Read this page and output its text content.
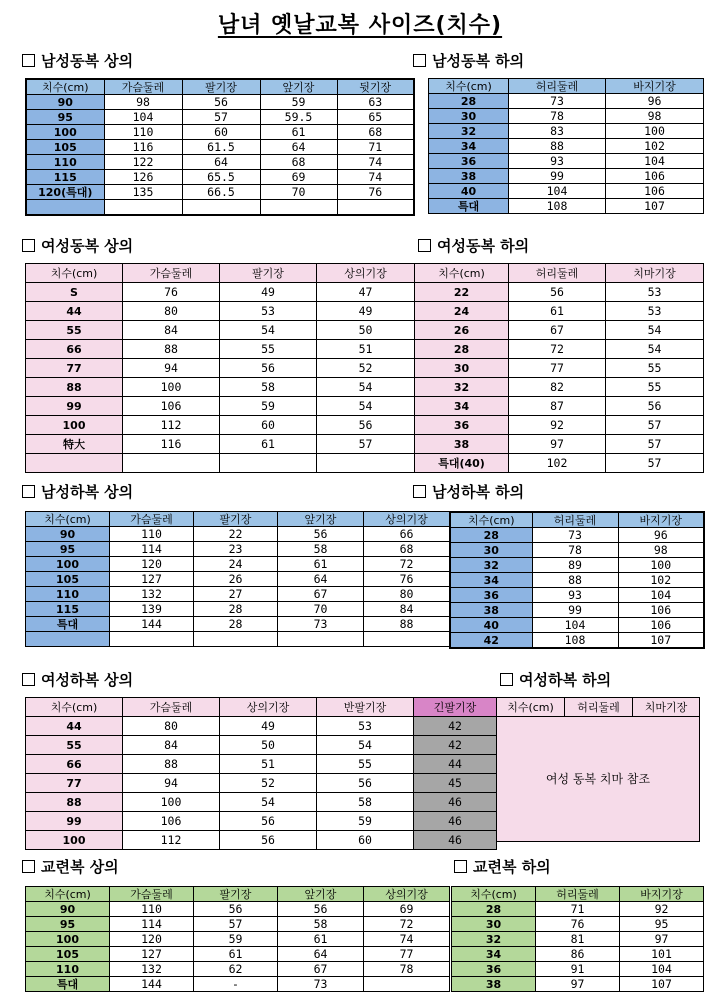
남녀 옛날교복 사이즈(치수)
남성동복 상의	남성동복 하의
여성동복 상의	여성동복 하의
남성하복 상의	남성하복 하의
여성하복 상의	여성하복 하의
교련복 상의	교련복 하의
치수(cm)	가슴둘레	팔기장	앞기장	뒷기장
90	98	56	59	63
95	104	57	59.5	65
100	110	60	61	68
105	116	61.5	64	71
110	122	64	68	74
115	126	65.5	69	74
120(특대)	135	66.5	70	76

치수(cm)	허리둘레	바지기장
28	73	96
30	78	98
32	83	100
34	88	102
36	93	104
38	99	106
40	104	106
특대	108	107
치수(cm)	가슴둘레	팔기장	상의기장
S	76	49	47
44	80	53	49
55	84	54	50
66	88	55	51
77	94	56	52
88	100	58	54
99	106	59	54
100	112	60	56
特大	116	61	57

치수(cm)	허리둘레	치마기장
22	56	53
24	61	53
26	67	54
28	72	54
30	77	55
32	82	55
34	87	56
36	92	57
38	97	57
특대(40)	102	57
치수(cm)	가슴둘레	팔기장	앞기장	상의기장
90	110	22	56	66
95	114	23	58	68
100	120	24	61	72
105	127	26	64	76
110	132	27	67	80
115	139	28	70	84
특대	144	28	73	88

치수(cm)	허리둘레	바지기장
28	73	96
30	78	98
32	89	100
34	88	102
36	93	104
38	99	106
40	104	106
42	108	107
치수(cm)	가슴둘레	상의기장	반팔기장	긴팔기장
44	80	49	53	42
55	84	50	54	42
66	88	51	55	44
77	94	52	56	45
88	100	54	58	46
99	106	56	59	46
100	112	56	60	46
치수(cm)	허리둘레	치마기장
여성 동복 치마 참조
치수(cm)	가슴둘레	팔기장	앞기장	상의기장
90	110	56	56	69
95	114	57	58	72
100	120	59	61	74
105	127	61	64	77
110	132	62	67	78
특대	144	-	73	
치수(cm)	허리둘레	바지기장
28	71	92
30	76	95
32	81	97
34	86	101
36	91	104
38	97	107
